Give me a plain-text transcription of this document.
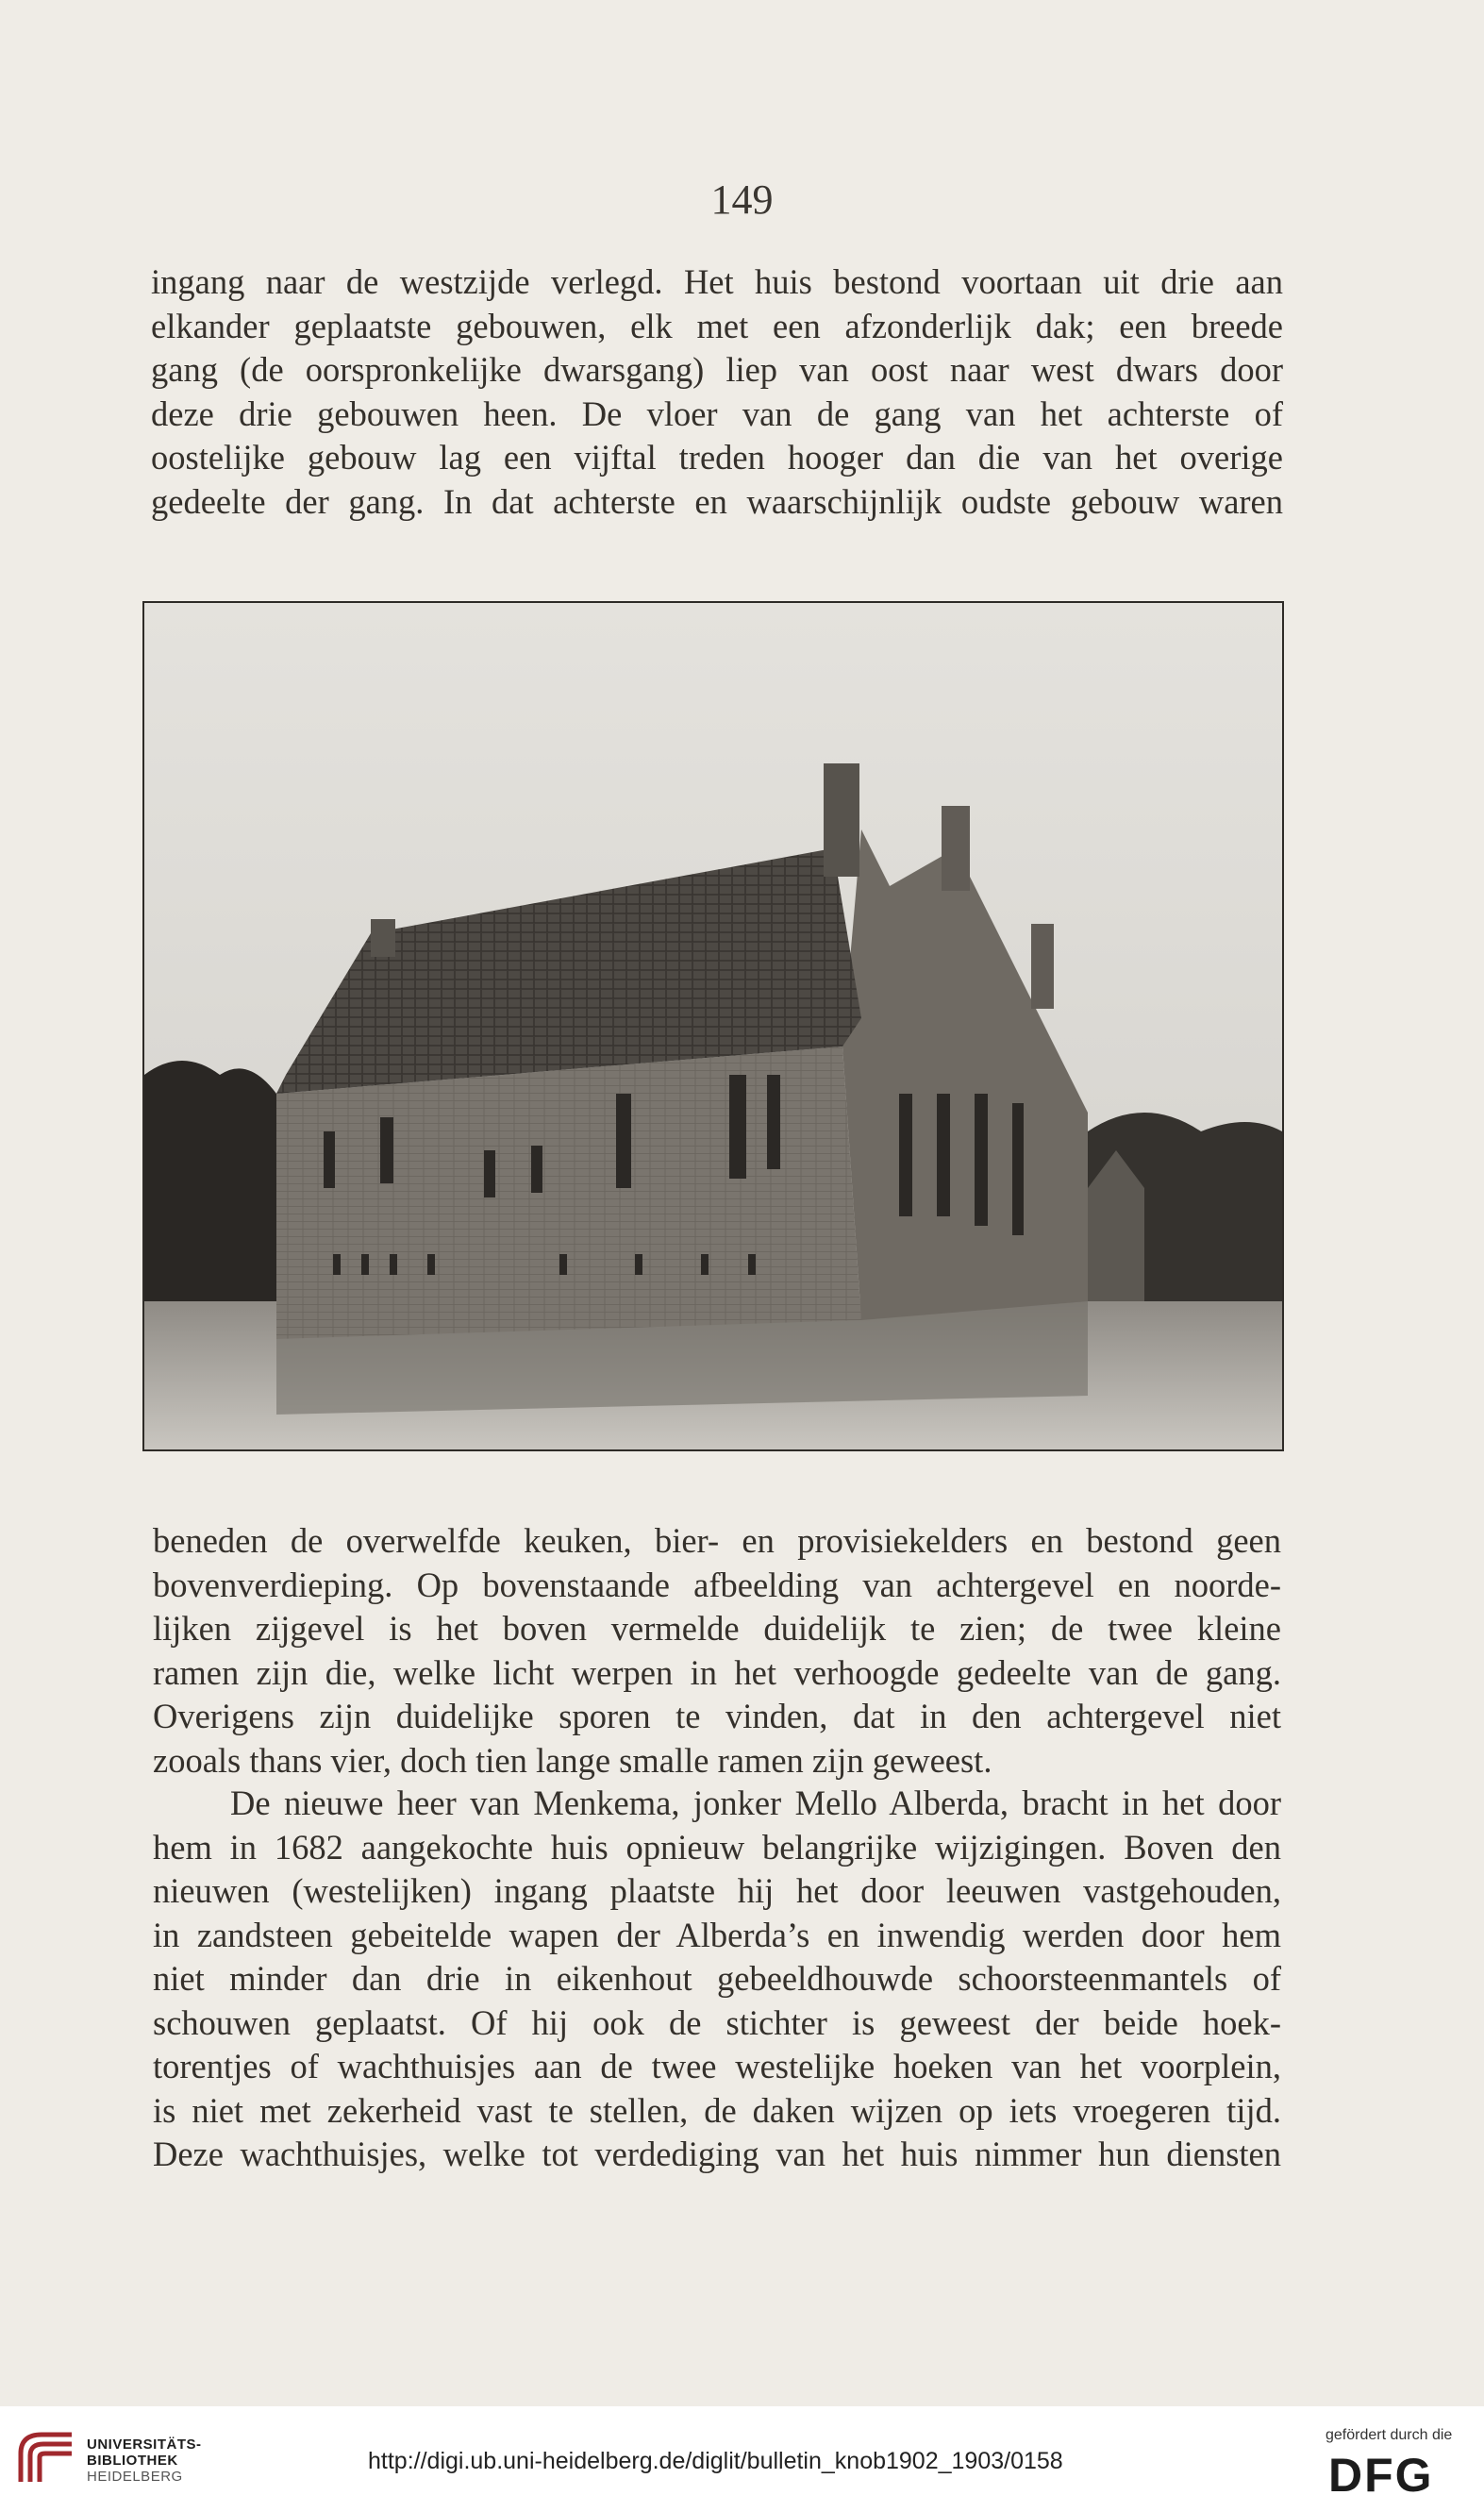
149

ingang naar de westzijde verlegd. Het huis bestond voortaan uit drie aan
elkander geplaatste gebouwen, elk met een afzonderlijk dak; een breede
gang (de oorspronkelijke dwarsgang) liep van oost naar west dwars door
deze drie gebouwen heen. De vloer van de gang van het achterste of
oostelijke gebouw lag een vijftal treden hooger dan die van het overige
gedeelte der gang. In dat achterste en waarschijnlijk oudste gebouw waren

beneden de overwelfde keuken, bier- en provisiekelders en bestond geen
bovenverdieping. Op bovenstaande afbeelding van achtergevel en noorde-
lijken zijgevel is het boven vermelde duidelijk te zien; de twee kleine
ramen zijn die, welke licht werpen in het verhoogde gedeelte van de gang.
Overigens zijn duidelijke sporen te vinden, dat in den achtergevel niet
zooals thans vier, doch tien lange smalle ramen zijn geweest.

De nieuwe heer van Menkema, jonker Mello Alberda, bracht in het door
hem in 1682 aangekochte huis opnieuw belangrijke wijzigingen. Boven den
nieuwen (westelijken) ingang plaatste hij het door leeuwen vastgehouden,
in zandsteen gebeitelde wapen der Alberda’s en inwendig werden door hem
niet minder dan drie in eikenhout gebeeldhouwde schoorsteenmantels of
schouwen geplaatst. Of hij ook de stichter is geweest der beide hoek-
torentjes of wachthuisjes aan de twee westelijke hoeken van het voorplein,
is niet met zekerheid vast te stellen, de daken wijzen op iets vroegeren tijd.
Deze wachthuisjes, welke tot verdediging van het huis nimmer hun diensten

UNIVERSITÄTS-
BIBLIOTHEK
HEIDELBERG
http://digi.ub.uni-heidelberg.de/diglit/bulletin_knob1902_1903/0158
gefördert durch die
DFG
